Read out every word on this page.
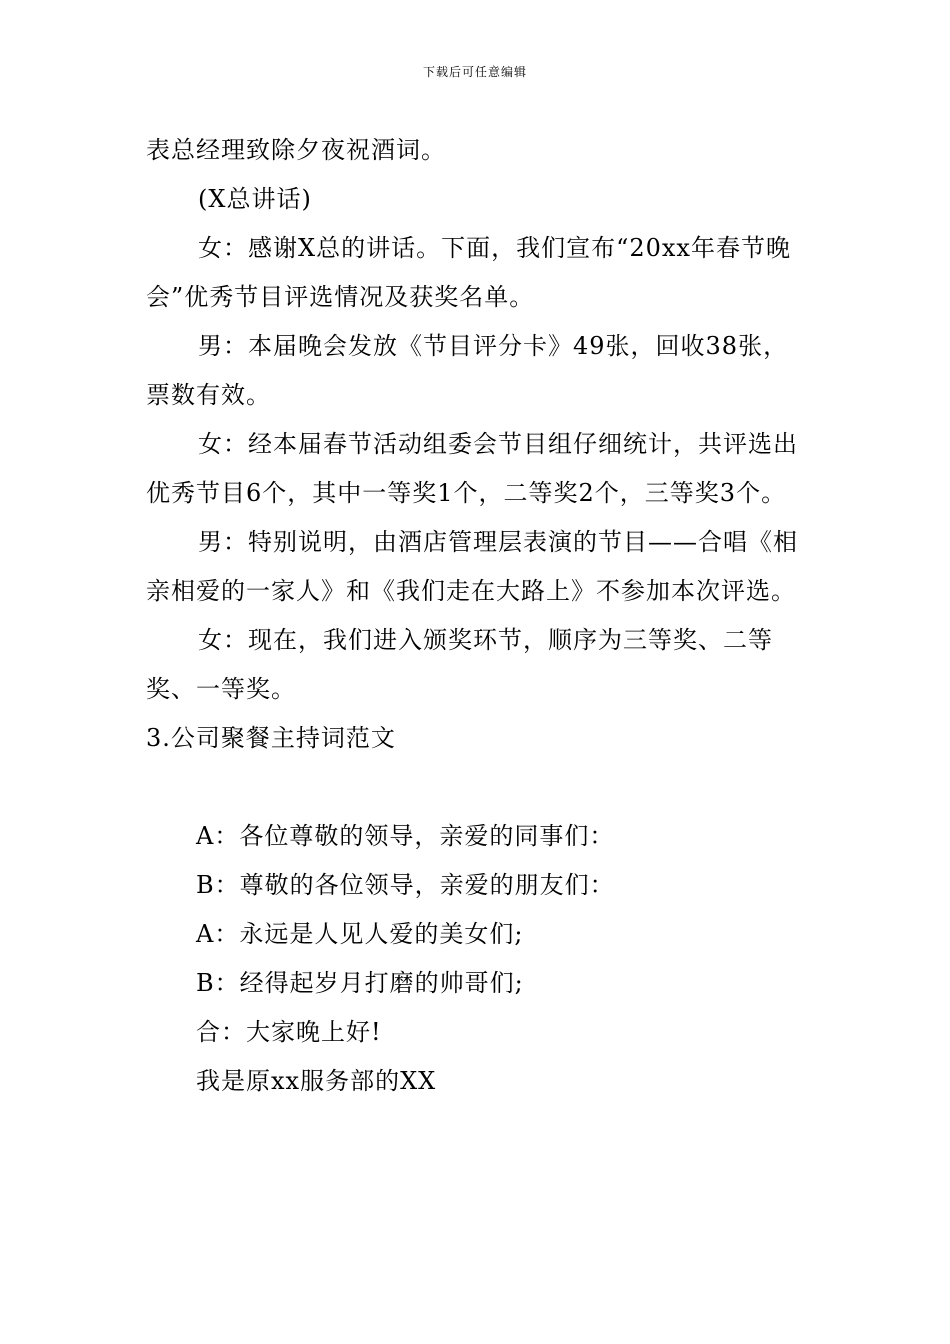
下载后可任意编辑

表总经理致除夕夜祝酒词。

(X总讲话)

女：感谢X总的讲话。下面，我们宣布“20xx年春节晚会”优秀节目评选情况及获奖名单。

男：本届晚会发放《节目评分卡》49张，回收38张，票数有效。

女：经本届春节活动组委会节目组仔细统计，共评选出优秀节目6个，其中一等奖1个，二等奖2个，三等奖3个。

男：特别说明，由酒店管理层表演的节目——合唱《相亲相爱的一家人》和《我们走在大路上》不参加本次评选。

女：现在，我们进入颁奖环节，顺序为三等奖、二等奖、一等奖。

3.公司聚餐主持词范文

A：各位尊敬的领导，亲爱的同事们：

B：尊敬的各位领导，亲爱的朋友们：

A：永远是人见人爱的美女们;

B：经得起岁月打磨的帅哥们;

合：大家晚上好!

我是原xx服务部的XX
